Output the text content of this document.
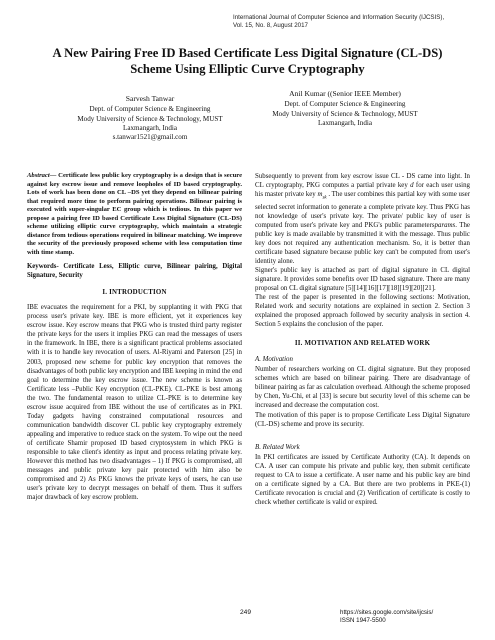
International Journal of Computer Science and Information Security (IJCSIS),
Vol. 15, No. 8, August 2017
A New Pairing Free ID Based Certificate Less Digital Signature (CL-DS)
Scheme Using Elliptic Curve Cryptography
Sarvesh Tanwar
Dept. of Computer Science & Engineering
Mody University of Science & Technology, MUST
Laxmangarh, India
s.tanwar1521@gmail.com
Anil Kumar ((Senior IEEE Member)
Dept. of Computer Science & Engineering
Mody University of Science & Technology, MUST
Laxmangarh, India

Abstract— Certificate less public key cryptography is a design that is secure against key escrow issue and remove loopholes of ID based cryptography. Lots of work has been done on CL –DS yet they depend on bilinear pairing that required more time to perform pairing operations. Bilinear pairing is executed with super-singular EC group which is tedious. In this paper we propose a pairing free ID based Certificate Less Digital Signature (CL-DS) scheme utilizing elliptic curve cryptography, which maintain a strategic distance from tedious operations required in bilinear matching. We improve the security of the previously proposed scheme with less computation time with time stamp.

Keywords- Certificate Less, Elliptic curve, Bilinear pairing, Digital Signature, Security

I. INTRODUCTION

IBE evacuates the requirement for a PKI, by supplanting it with PKG that process user's private key. IBE is more efficient, yet it experiences key escrow issue. Key escrow means that PKG who is trusted third party register the private keys for the users it implies PKG can read the messages of users in the framework. In IBE, there is a significant practical problems associated with it is to handle key revocation of users. Al-Riyami and Paterson [25] in 2003, proposed new scheme for public key encryption that removes the disadvantages of both public key encryption and IBE keeping in mind the end goal to determine the key escrow issue. The new scheme is known as Certificate less –Public Key encryption (CL-PKE). CL-PKE is best among the two. The fundamental reason to utilize CL-PKE is to determine key escrow issue acquired from IBE without the use of certificates as in PKI. Today gadgets having constrained computational resources and communication bandwidth discover CL public key cryptography extremely appealing and imperative to reduce stack on the system. To wipe out the need of certificate Shamir proposed ID based cryptosystem in which PKG is responsible to take client's identity as input and process relating private key. However this method has two disadvantages – 1) If PKG is compromised, all messages and public private key pair protected with him also be compromised and 2) As PKG knows the private keys of users, he can use user's private key to decrypt messages on behalf of them. Thus it suffers major drawback of key escrow problem.

Subsequently to prevent from key escrow issue CL - DS came into light. In CL cryptography, PKG computes a partial private key d for each user using his master private key $m_{sk}$ . The user combines this partial key with some user selected secret information to generate a complete private key. Thus PKG has not knowledge of user's private key. The private/ public key of user is computed from user's private key and PKG's public parametersparams. The public key is made available by transmitted it with the message. Thus public key does not required any authentication mechanism. So, it is better than certificate based signature because public key can't be computed from user's identity alone.

Signer's public key is attached as part of digital signature in CL digital signature. It provides some benefits over ID based signature. There are many proposal on CL digital signature [5][14][16][17][18][19][20][21].

The rest of the paper is presented in the following sections: Motivation, Related work and security notations are explained in section 2. Section 3 explained the proposed approach followed by security analysis in section 4. Section 5 explains the conclusion of the paper.

II. MOTIVATION AND RELATED WORK
A. Motivation

Number of researchers working on CL digital signature. But they proposed schemes which are based on bilinear pairing. There are disadvantage of bilinear pairing as far as calculation overhead. Although the scheme proposed by Chen, Yu-Chi, et al [33] is secure but security level of this scheme can be increased and decrease the computation cost.

The motivation of this paper is to propose Certificate Less Digital Signature (CL-DS) scheme and prove its security.

B. Related Work

In PKI certificates are issued by Certificate Authority (CA). It depends on CA. A user can compute his private and public key, then submit certificate request to CA to issue a certificate. A user name and his public key are bind on a certificate signed by a CA. But there are two problems in PKE-(1) Certificate revocation is crucial and (2) Verification of certificate is costly to check whether certificate is valid or expired.

249	https://sites.google.com/site/ijcsis/
ISSN 1947-5500
